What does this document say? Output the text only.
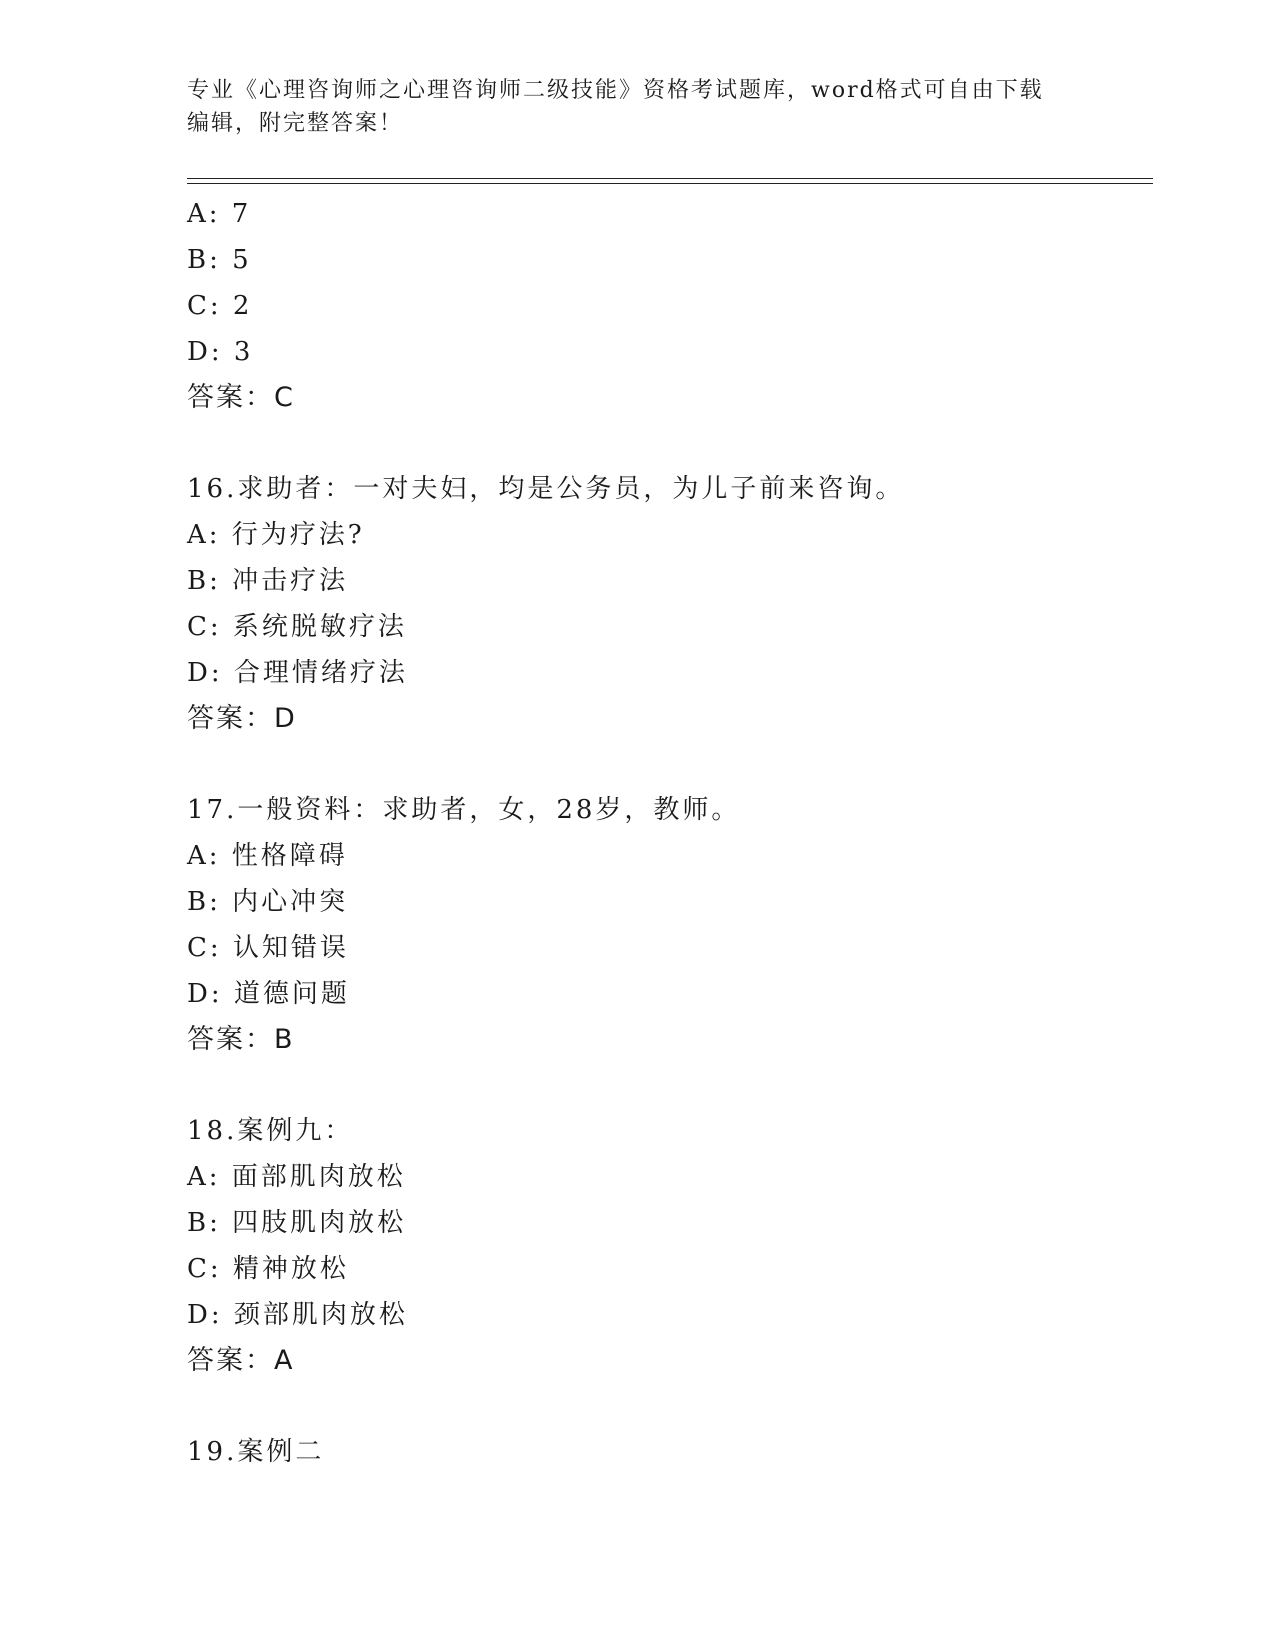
专业《心理咨询师之心理咨询师二级技能》资格考试题库，word格式可自由下载
编辑，附完整答案！
A: 7
B: 5
C: 2
D: 3
答案：C
16.求助者：一对夫妇，均是公务员，为儿子前来咨询。
A: 行为疗法?
B: 冲击疗法
C: 系统脱敏疗法
D: 合理情绪疗法
答案：D
17.一般资料：求助者，女，28岁，教师。
A: 性格障碍
B: 内心冲突
C: 认知错误
D: 道德问题
答案：B
18.案例九：
A: 面部肌肉放松
B: 四肢肌肉放松
C: 精神放松
D: 颈部肌肉放松
答案：A
19.案例二
